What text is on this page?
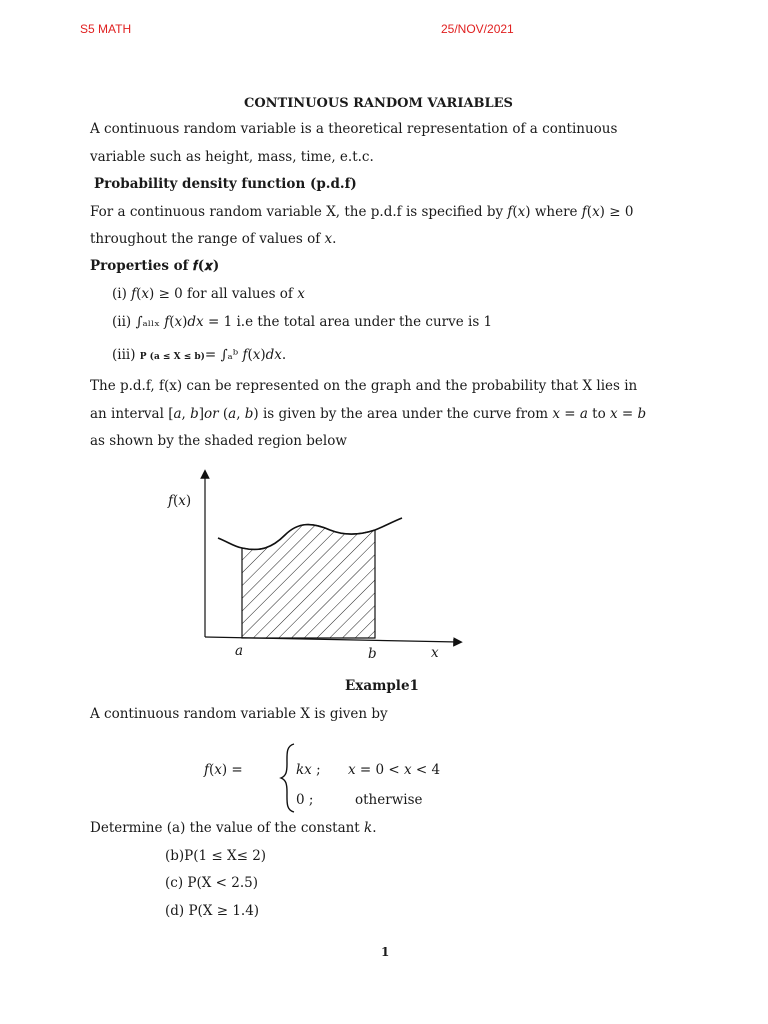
S5 MATH	25/NOV/2021
CONTINUOUS RANDOM VARIABLES
A continuous random variable is a theoretical representation of a continuous
variable such as height, mass, time, e.t.c.
Probability density function (p.d.f)
For a continuous random variable X, the p.d.f is specified by 𝑓(𝑥) where 𝑓(𝑥) ≥ 0
throughout the range of values of 𝑥.
Properties of 𝒇(𝒙)
(i) 𝑓(𝑥) ≥ 0 for all values of 𝑥
(ii) ∫ₐₗₗₓ 𝑓(𝑥)𝑑𝑥 = 1 i.e the total area under the curve is 1
(iii) P (a ≤ X ≤ b)= ∫ₐᵇ 𝑓(𝑥)𝑑𝑥.
The p.d.f, f(x) can be represented on the graph and the probability that X lies in
an interval [𝑎, 𝑏]𝑜𝑟 (𝑎, 𝑏) is given by the area under the curve from 𝑥 = 𝑎 to 𝑥 = 𝑏
as shown by the shaded region below
𝑓(𝑥)
𝑎	𝑏	𝑥
Example1
A continuous random variable X is given by
𝑓(𝑥) =	𝑘𝑥 ; 𝑥 = 0 < 𝑥 < 4
0 ;	otherwise
Determine (a) the value of the constant 𝑘.
(b)P(1 ≤ X≤ 2)
(c) P(X < 2.5)
(d) P(X ≥ 1.4)
1
